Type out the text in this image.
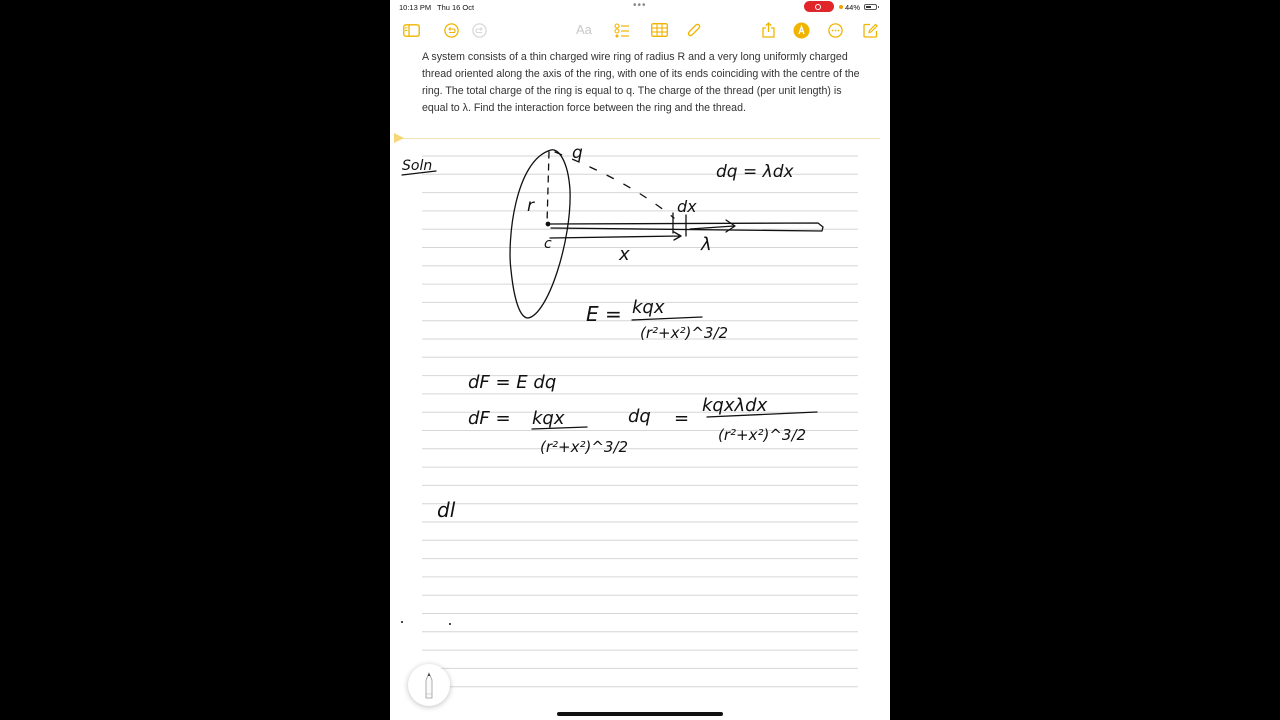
10:13 PM Thu 16 Oct	•••	44%
Aa

A system consists of a thin charged wire ring of radius R and a very long uniformly charged thread oriented along the axis of the ring, with one of its ends coinciding with the centre of the ring. The total charge of the ring is equal to q. The charge of the thread (per unit length) is equal to λ. Find the interaction force between the ring and the thread.

Soln
q
r	dx
dq = λdx
c	x	λ
E = kqx
(r²+x²)^3/2
dF = E dq
dF = kqx
(r²+x²)^3/2
dq =
kqxλdx
(r²+x²)^3/2
dl
